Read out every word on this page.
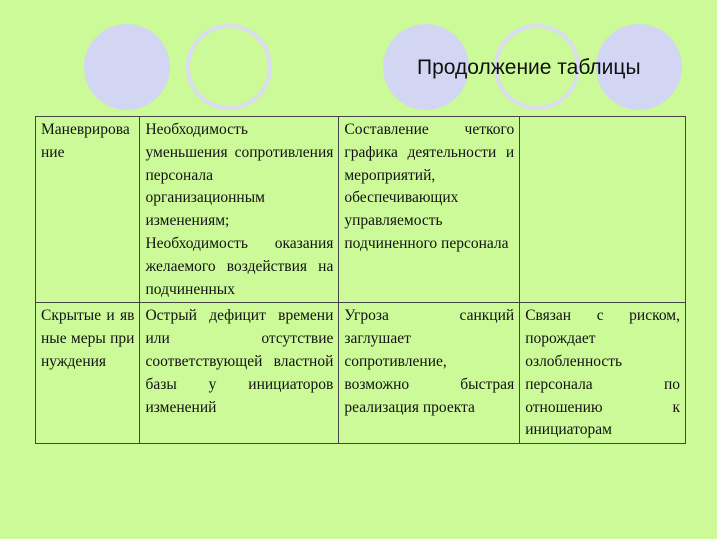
Продолжение таблицы
Маневрирование	Необходимость уменьшения сопротивления персонала организационным изменениям; Необходимость оказания желаемого воздействия на подчиненных	Составление четкого графика деятельности и мероприятий, обеспечивающих управляемость подчиненного персонала	

Скрытые и явные меры принуждения	Острый дефицит времени или отсутствие соответствующей властной базы у инициаторов изменений	Угроза санкций заглушает сопротивление, возможно быстрая реализация проекта	Связан с риском, порождает озлобленность персонала по отношению к инициаторам
